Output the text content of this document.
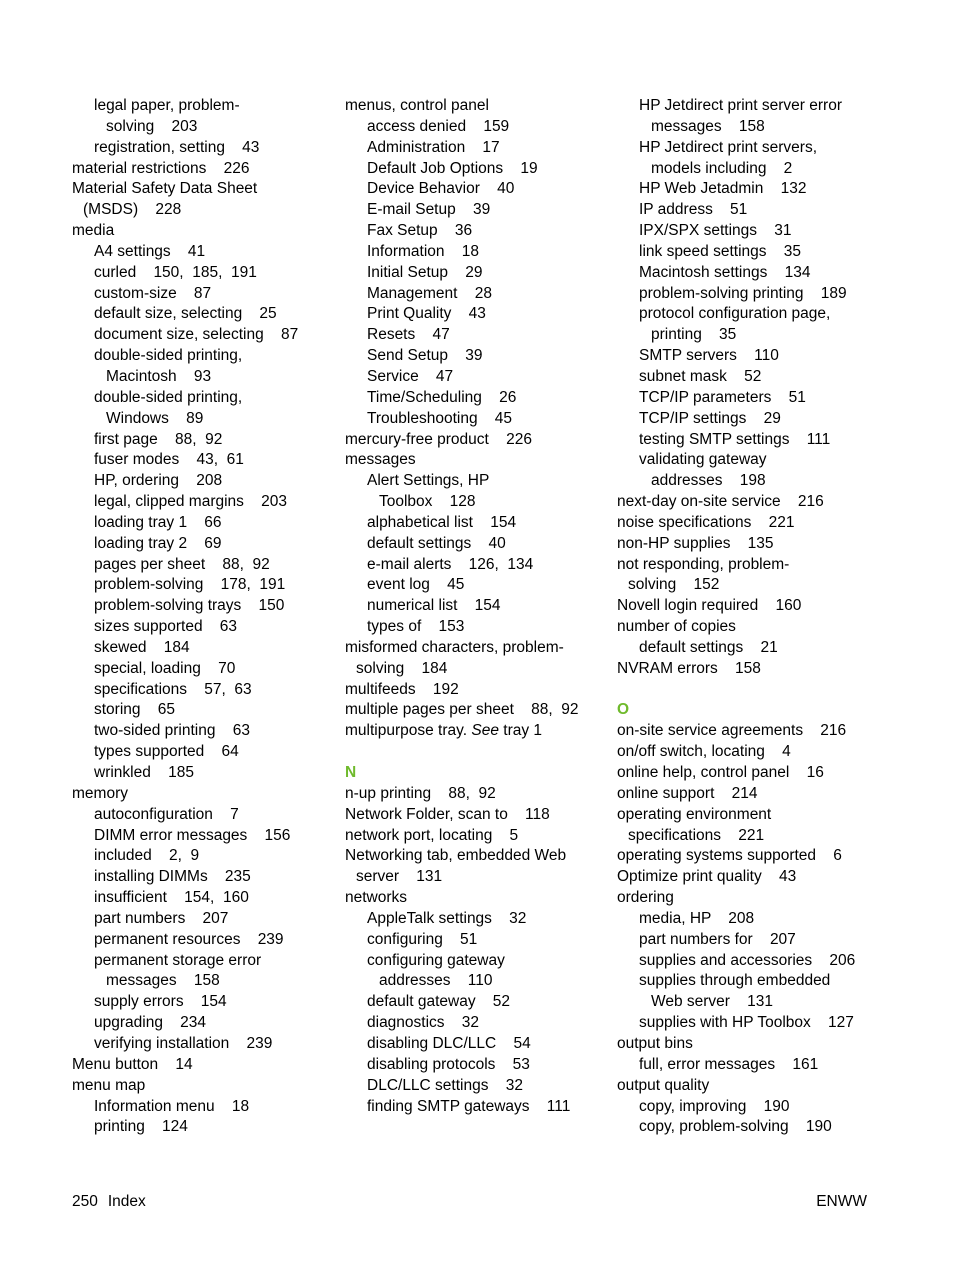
legal paper, problem-
solving    203
registration, setting    43
material restrictions    226
Material Safety Data Sheet
(MSDS)    228
media
A4 settings    41
curled    150,  185,  191
custom-size    87
default size, selecting    25
document size, selecting    87
double-sided printing,
Macintosh    93
double-sided printing,
Windows    89
first page    88,  92
fuser modes    43,  61
HP, ordering    208
legal, clipped margins    203
loading tray 1    66
loading tray 2    69
pages per sheet    88,  92
problem-solving    178,  191
problem-solving trays    150
sizes supported    63
skewed    184
special, loading    70
specifications    57,  63
storing    65
two-sided printing    63
types supported    64
wrinkled    185
memory
autoconfiguration    7
DIMM error messages    156
included    2,  9
installing DIMMs    235
insufficient    154,  160
part numbers    207
permanent resources    239
permanent storage error
messages    158
supply errors    154
upgrading    234
verifying installation    239
Menu button    14
menu map
Information menu    18
printing    124
menus, control panel
access denied    159
Administration    17
Default Job Options    19
Device Behavior    40
E-mail Setup    39
Fax Setup    36
Information    18
Initial Setup    29
Management    28
Print Quality    43
Resets    47
Send Setup    39
Service    47
Time/Scheduling    26
Troubleshooting    45
mercury-free product    226
messages
Alert Settings, HP
Toolbox    128
alphabetical list    154
default settings    40
e-mail alerts    126,  134
event log    45
numerical list    154
types of    153
misformed characters, problem-
solving    184
multifeeds    192
multiple pages per sheet    88,  92
multipurpose tray. See tray 1
N
n-up printing    88,  92
Network Folder, scan to    118
network port, locating    5
Networking tab, embedded Web
server    131
networks
AppleTalk settings    32
configuring    51
configuring gateway
addresses    110
default gateway    52
diagnostics    32
disabling DLC/LLC    54
disabling protocols    53
DLC/LLC settings    32
finding SMTP gateways    111
HP Jetdirect print server error
messages    158
HP Jetdirect print servers,
models including    2
HP Web Jetadmin    132
IP address    51
IPX/SPX settings    31
link speed settings    35
Macintosh settings    134
problem-solving printing    189
protocol configuration page,
printing    35
SMTP servers    110
subnet mask    52
TCP/IP parameters    51
TCP/IP settings    29
testing SMTP settings    111
validating gateway
addresses    198
next-day on-site service    216
noise specifications    221
non-HP supplies    135
not responding, problem-
solving    152
Novell login required    160
number of copies
default settings    21
NVRAM errors    158
O
on-site service agreements    216
on/off switch, locating    4
online help, control panel    16
online support    214
operating environment
specifications    221
operating systems supported    6
Optimize print quality    43
ordering
media, HP    208
part numbers for    207
supplies and accessories    206
supplies through embedded
Web server    131
supplies with HP Toolbox    127
output bins
full, error messages    161
output quality
copy, improving    190
copy, problem-solving    190
250 Index	ENWW
